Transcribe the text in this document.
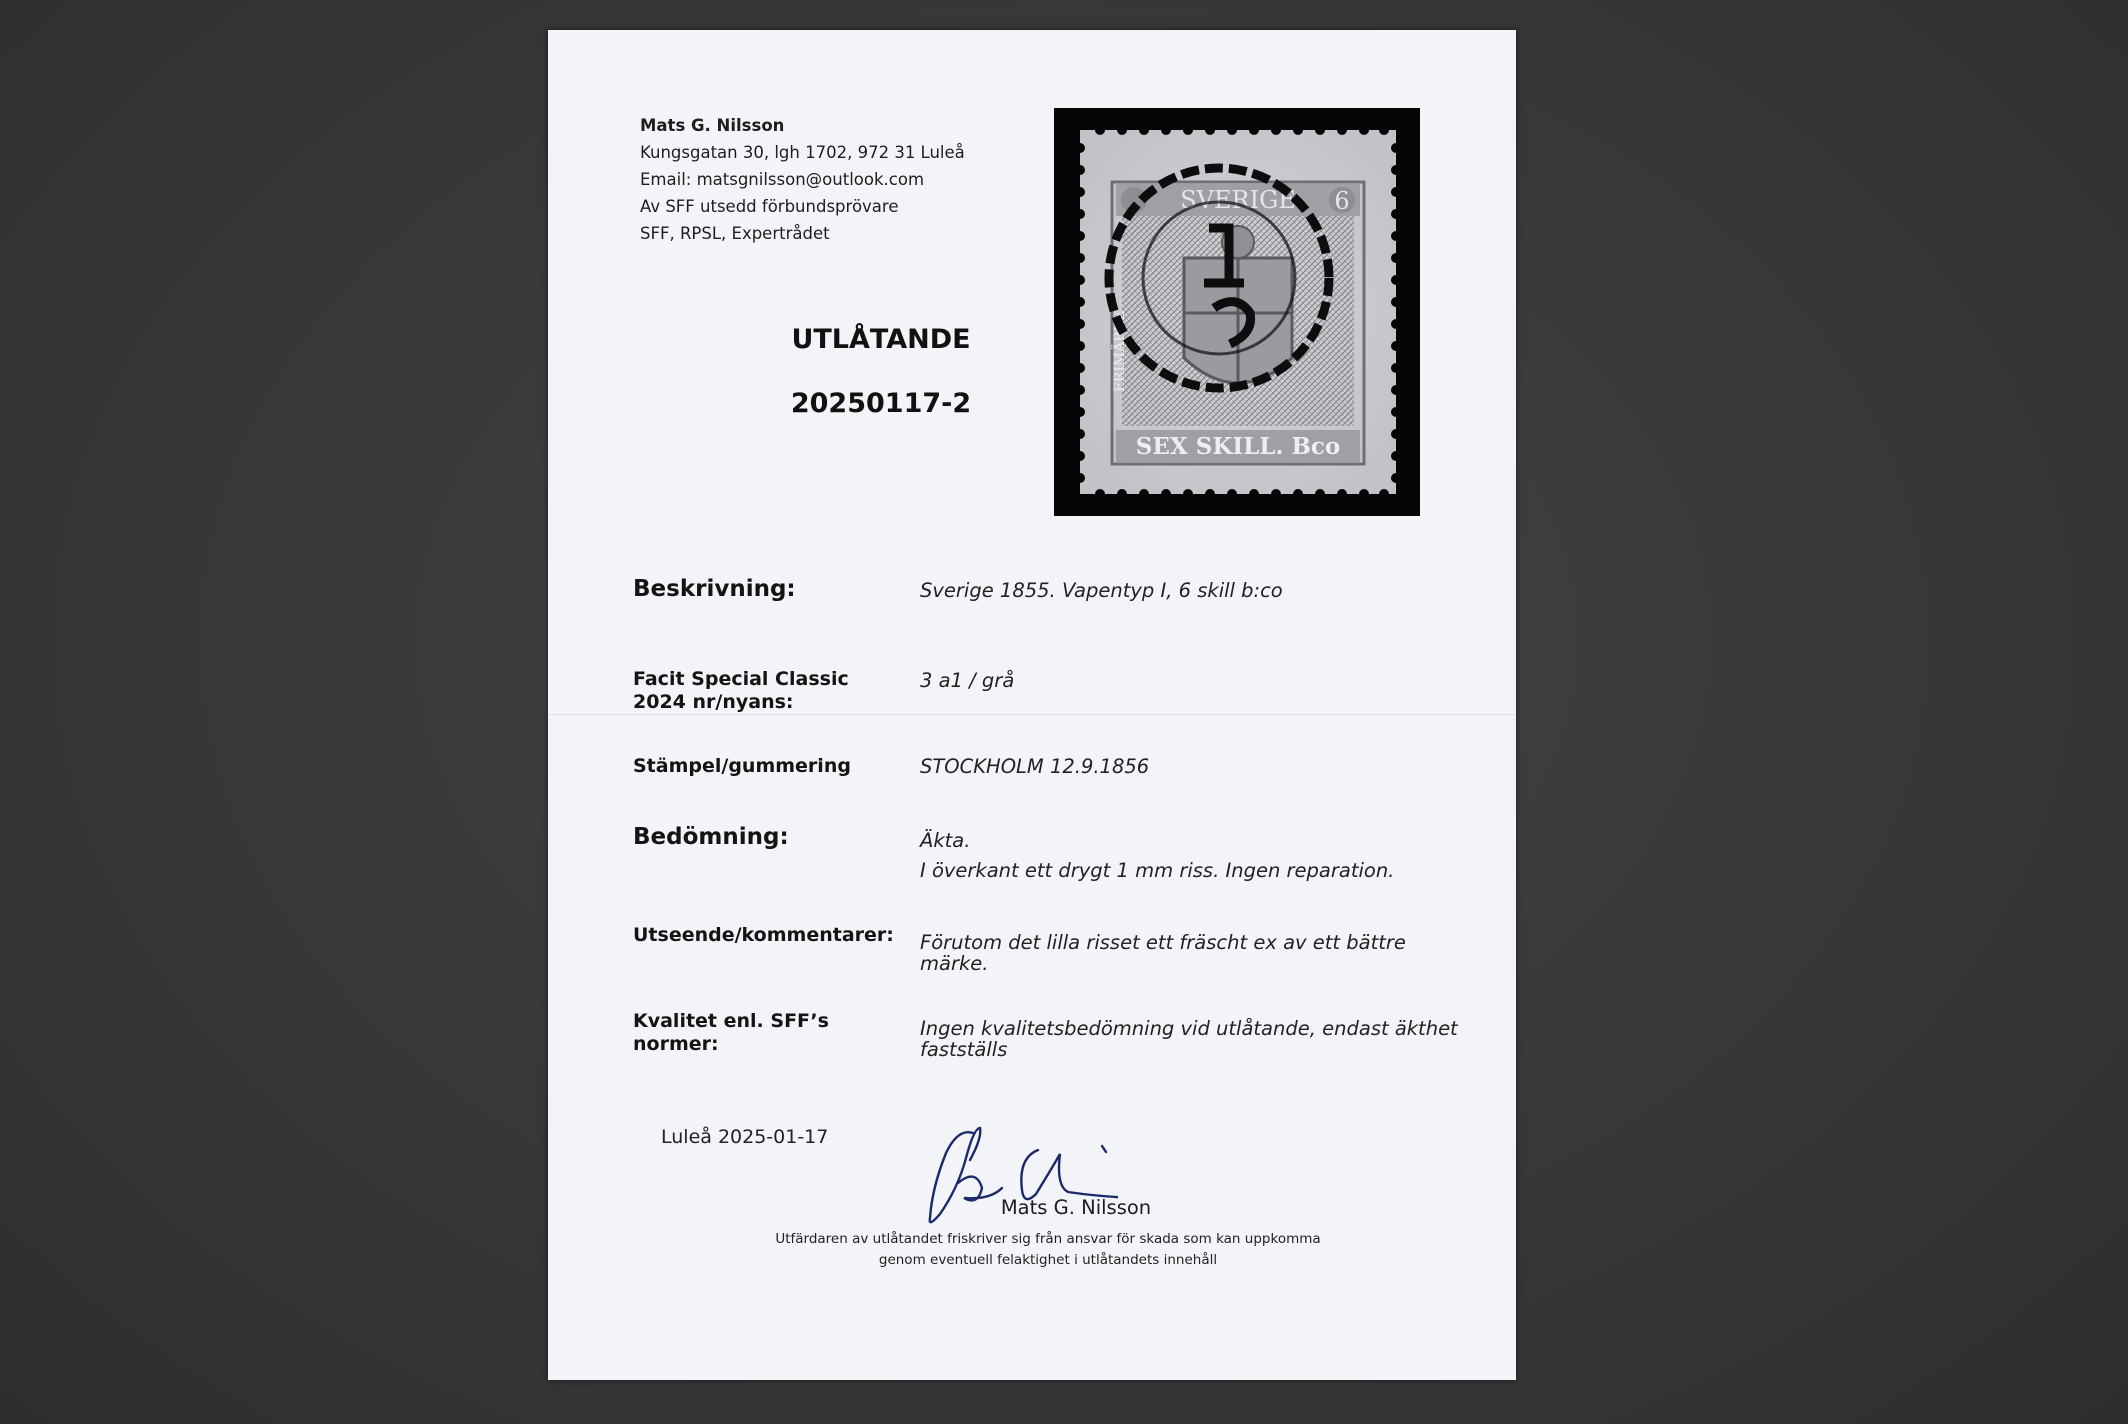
Mats G. Nilsson
Kungsgatan 30, lgh 1702, 972 31 Luleå
Email: matsgnilsson@outlook.com
Av SFF utsedd förbundsprövare
SFF, RPSL, Expertrådet
UTLÅTANDE
20250117-2
SVERIGE 6
FRIMÄRKE
SEX SKILL. Bco
Beskrivning:	Sverige 1855. Vapentyp I, 6 skill b:co
Facit Special Classic 2024 nr/nyans:
3 a1 / grå
Stämpel/gummering	STOCKHOLM 12.9.1856
Bedömning:	Äkta.
I överkant ett drygt 1 mm riss. Ingen reparation.
Utseende/kommentarer: Förutom det lilla risset ett fräscht ex av ett bättre märke.
Kvalitet enl. SFF’s normer:
Ingen kvalitetsbedömning vid utlåtande, endast äkthet fastställs
Luleå 2025-01-17
Mats G. Nilsson
Utfärdaren av utlåtandet friskriver sig från ansvar för skada som kan uppkomma
genom eventuell felaktighet i utlåtandets innehåll
